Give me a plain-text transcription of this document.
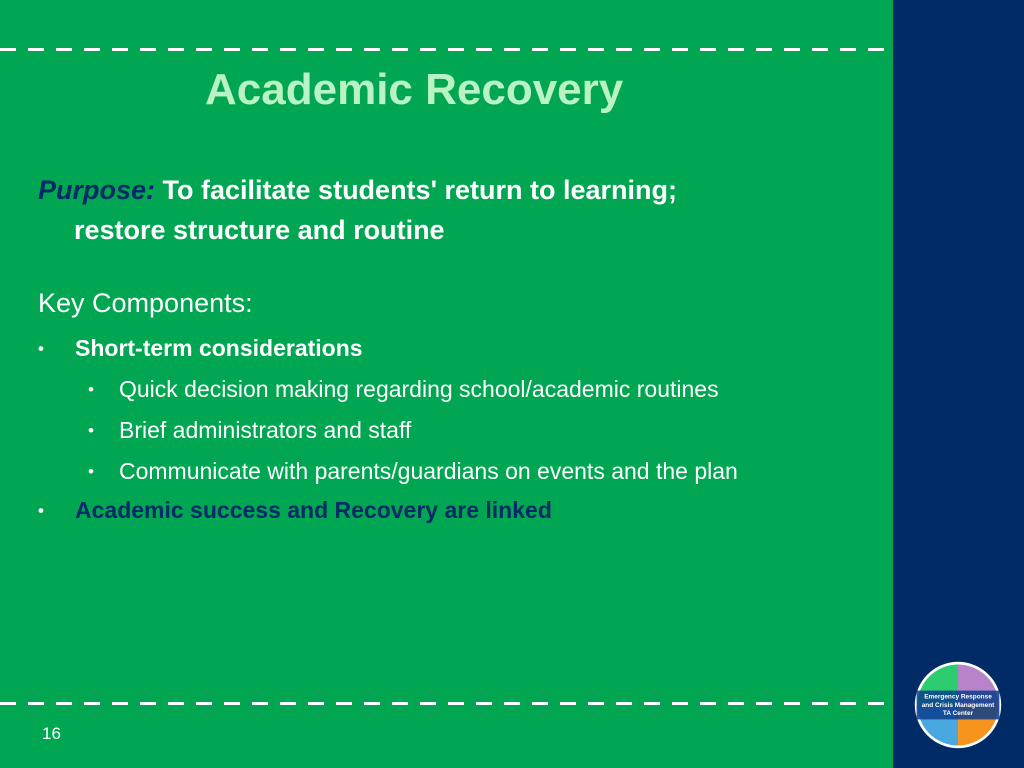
Academic Recovery
Purpose: To facilitate students' return to learning;
restore structure and routine
Key Components:
• Short-term considerations
• Quick decision making regarding school/academic routines
• Brief administrators and staff
• Communicate with parents/guardians on events and the plan
• Academic success and Recovery are linked
16
Emergency Response
and Crisis Management
TA Center
